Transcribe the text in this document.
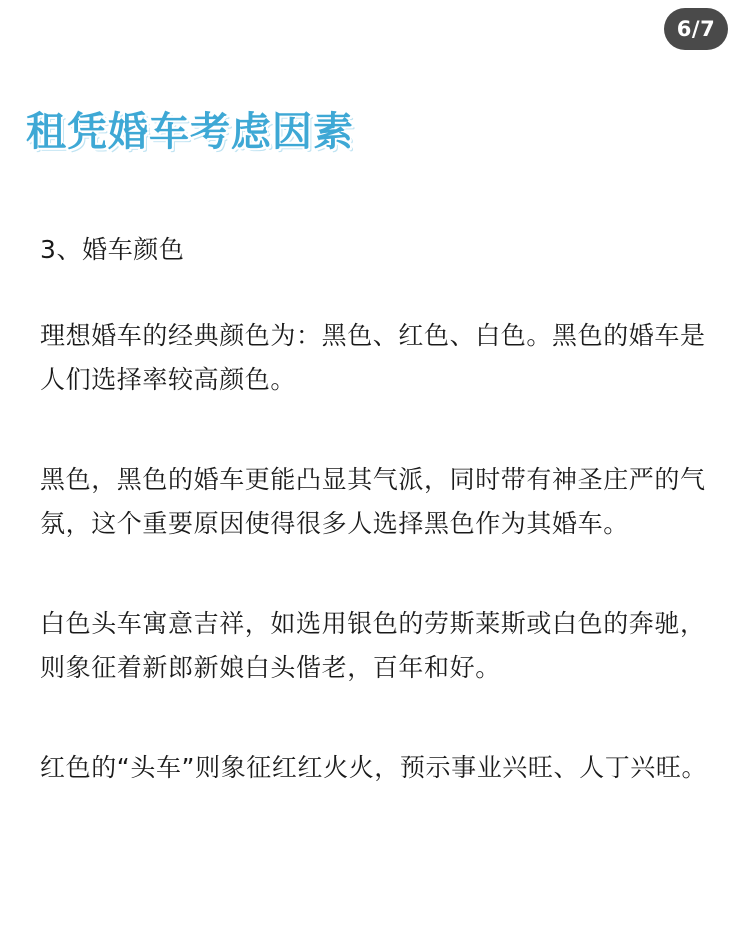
6/7
租凭婚车考虑因素

3、婚车颜色

理想婚车的经典颜色为：黑色、红色、白色。黑色的婚车是人们选择率较高颜色。

黑色，黑色的婚车更能凸显其气派，同时带有神圣庄严的气氛，这个重要原因使得很多人选择黑色作为其婚车。

白色头车寓意吉祥，如选用银色的劳斯莱斯或白色的奔驰，则象征着新郎新娘白头偕老，百年和好。

红色的“头车”则象征红红火火，预示事业兴旺、人丁兴旺。
